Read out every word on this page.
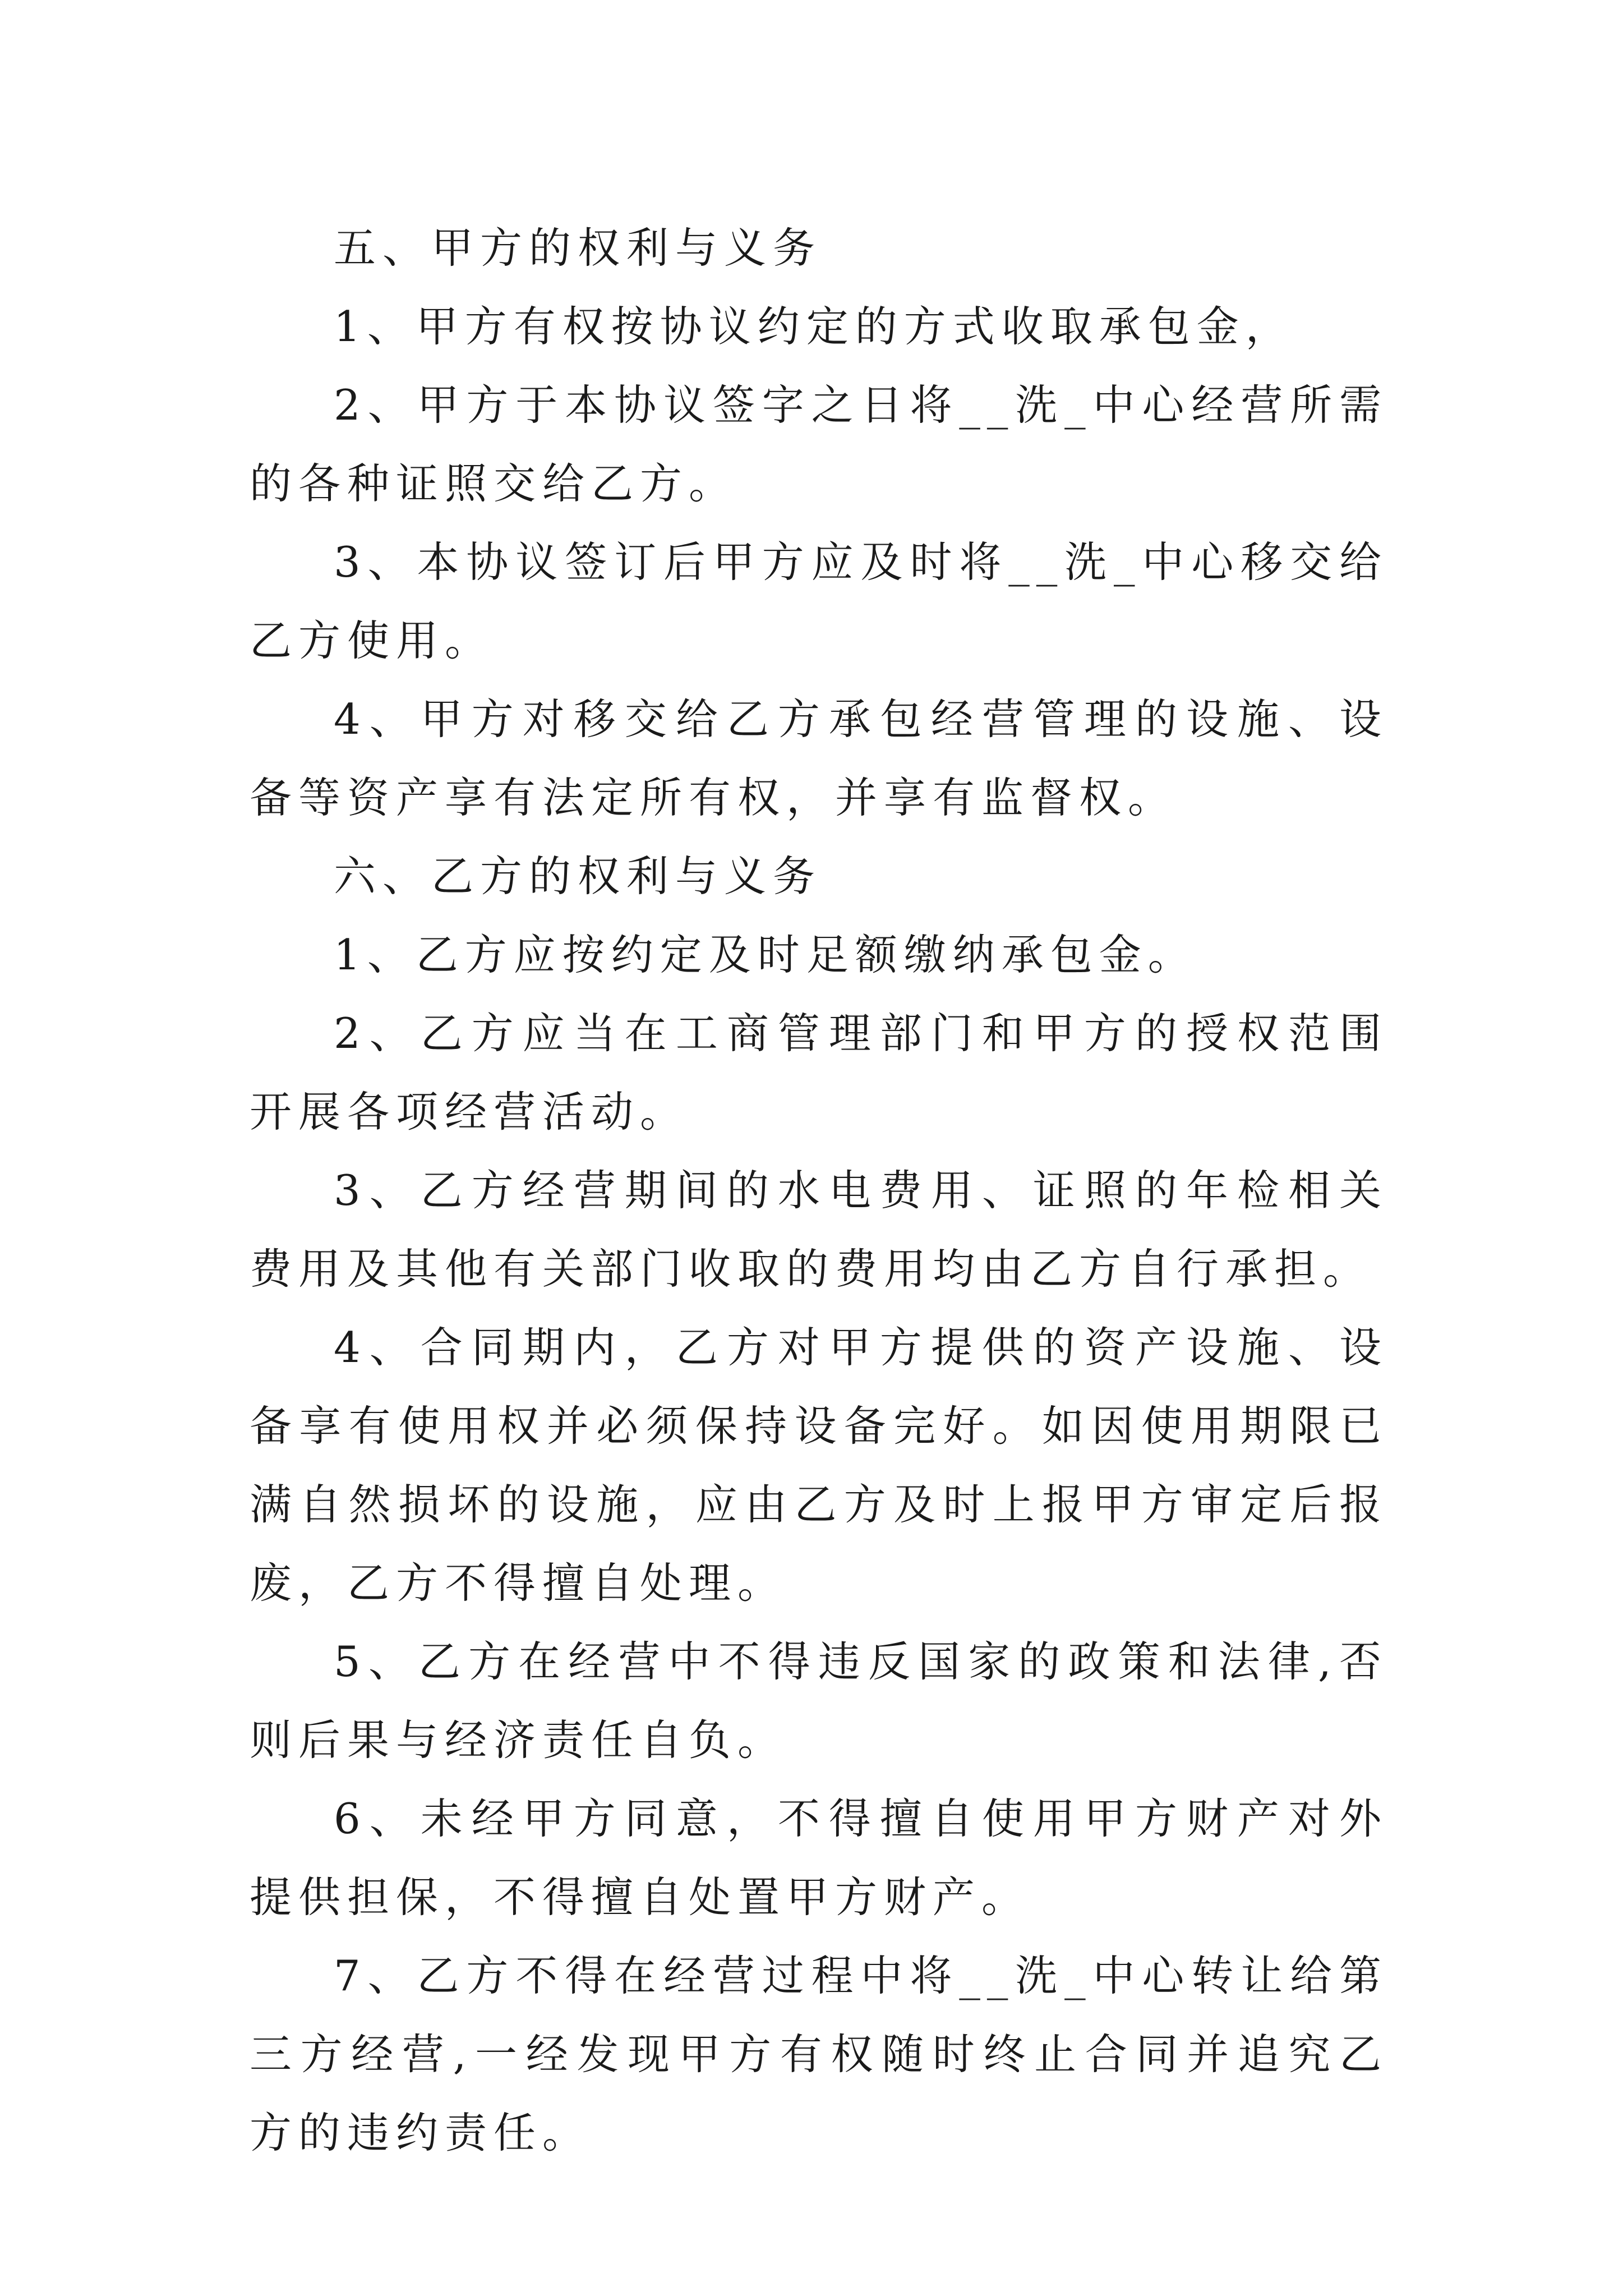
五、甲方的权利与义务

1、甲方有权按协议约定的方式收取承包金，

2、甲方于本协议签字之日将__洗_中心经营所需的各种证照交给乙方。

3、本协议签订后甲方应及时将__洗_中心移交给乙方使用。

4、甲方对移交给乙方承包经营管理的设施、设备等资产享有法定所有权，并享有监督权。

六、乙方的权利与义务

1、乙方应按约定及时足额缴纳承包金。

2、乙方应当在工商管理部门和甲方的授权范围开展各项经营活动。

3、乙方经营期间的水电费用、证照的年检相关费用及其他有关部门收取的费用均由乙方自行承担。

4、合同期内，乙方对甲方提供的资产设施、设备享有使用权并必须保持设备完好。如因使用期限已满自然损坏的设施，应由乙方及时上报甲方审定后报废，乙方不得擅自处理。

5、乙方在经营中不得违反国家的政策和法律,否则后果与经济责任自负。

6、未经甲方同意，不得擅自使用甲方财产对外提供担保，不得擅自处置甲方财产。

7、乙方不得在经营过程中将__洗_中心转让给第三方经营,一经发现甲方有权随时终止合同并追究乙方的违约责任。
